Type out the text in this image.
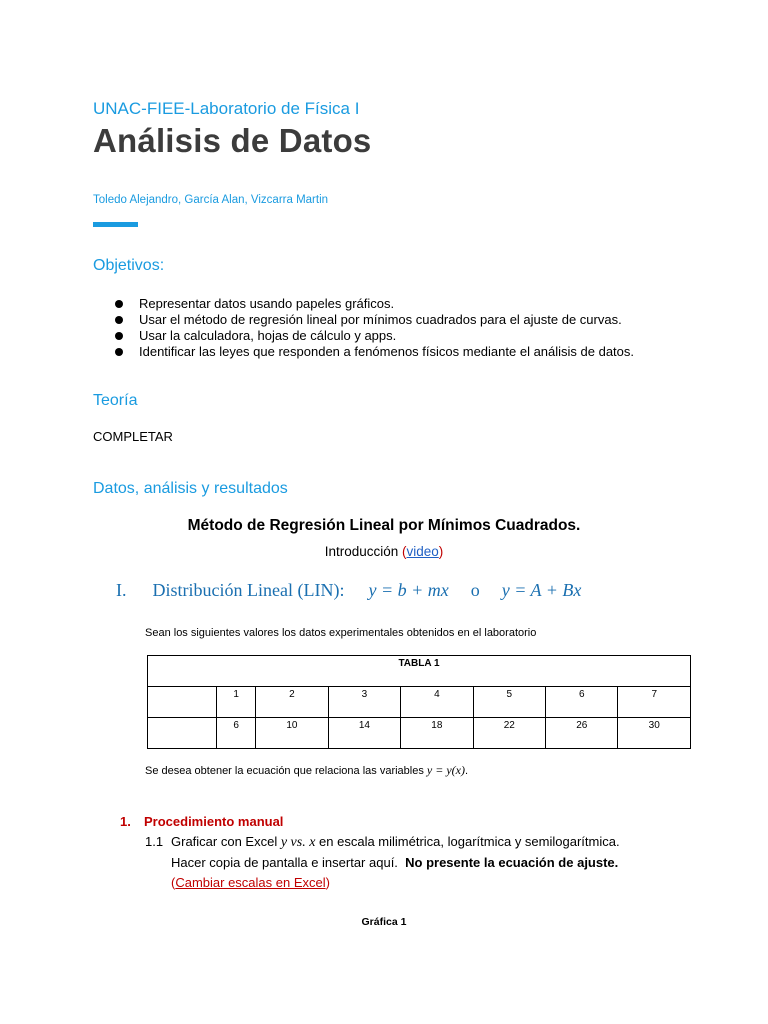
UNAC-FIEE-Laboratorio de Física I
Análisis de Datos
Toledo Alejandro, García Alan, Vizcarra Martin
Objetivos:
Representar datos usando papeles gráficos.
Usar el método de regresión lineal por mínimos cuadrados para el ajuste de curvas.
Usar la calculadora, hojas de cálculo y apps.
Identificar las leyes que responden a fenómenos físicos mediante el análisis de datos.
Teoría
COMPLETAR
Datos, análisis y resultados
Método de Regresión Lineal por Mínimos Cuadrados.
Introducción (video)
I. Distribución Lineal (LIN): y = b + mx o y = A + Bx
Sean los siguientes valores los datos experimentales obtenidos en el laboratorio
TABLA 1							
	1	2	3	4	5	6	7
	6	10	14	18	22	26	30
Se desea obtener la ecuación que relaciona las variables y = y(x).
1. Procedimiento manual
1.1 Graficar con Excel y vs. x en escala milimétrica, logarítmica y semilogarítmica.
Hacer copia de pantalla e insertar aquí.  No presente la ecuación de ajuste.
(Cambiar escalas en Excel)
Gráfica 1
